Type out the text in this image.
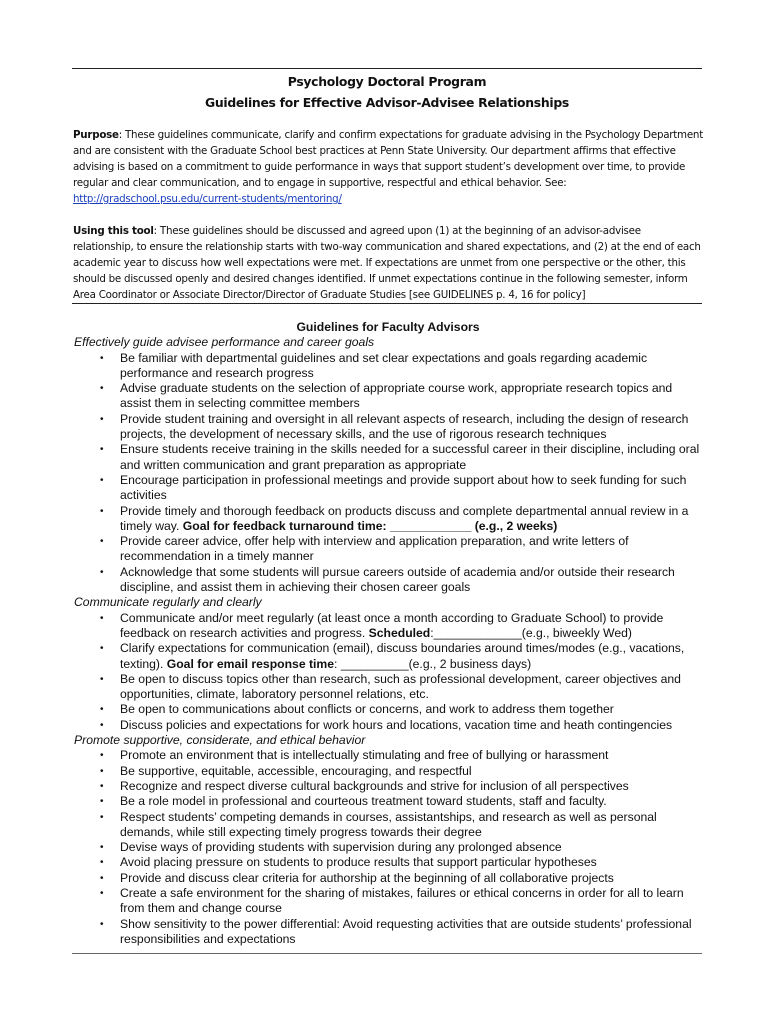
Psychology Doctoral Program
Guidelines for Effective Advisor-Advisee Relationships
Purpose: These guidelines communicate, clarify and confirm expectations for graduate advising in the Psychology Department and are consistent with the Graduate School best practices at Penn State University. Our department affirms that effective advising is based on a commitment to guide performance in ways that support student’s development over time, to provide regular and clear communication, and to engage in supportive, respectful and ethical behavior. See: http://gradschool.psu.edu/current-students/mentoring/
Using this tool: These guidelines should be discussed and agreed upon (1) at the beginning of an advisor-advisee relationship, to ensure the relationship starts with two-way communication and shared expectations, and (2) at the end of each academic year to discuss how well expectations were met. If expectations are unmet from one perspective or the other, this should be discussed openly and desired changes identified. If unmet expectations continue in the following semester, inform Area Coordinator or Associate Director/Director of Graduate Studies [see GUIDELINES p. 4, 16 for policy]
Guidelines for Faculty Advisors
Effectively guide advisee performance and career goals
• Be familiar with departmental guidelines and set clear expectations and goals regarding academic performance and research progress
• Advise graduate students on the selection of appropriate course work, appropriate research topics and assist them in selecting committee members
• Provide student training and oversight in all relevant aspects of research, including the design of research projects, the development of necessary skills, and the use of rigorous research techniques
• Ensure students receive training in the skills needed for a successful career in their discipline, including oral and written communication and grant preparation as appropriate
• Encourage participation in professional meetings and provide support about how to seek funding for such activities
• Provide timely and thorough feedback on products discuss and complete departmental annual review in a timely way. Goal for feedback turnaround time: ____________ (e.g., 2 weeks)
• Provide career advice, offer help with interview and application preparation, and write letters of recommendation in a timely manner
• Acknowledge that some students will pursue careers outside of academia and/or outside their research discipline, and assist them in achieving their chosen career goals
Communicate regularly and clearly
• Communicate and/or meet regularly (at least once a month according to Graduate School) to provide feedback on research activities and progress. Scheduled:_____________(e.g., biweekly Wed)
• Clarify expectations for communication (email), discuss boundaries around times/modes (e.g., vacations, texting). Goal for email response time: __________(e.g., 2 business days)
• Be open to discuss topics other than research, such as professional development, career objectives and opportunities, climate, laboratory personnel relations, etc.
• Be open to communications about conflicts or concerns, and work to address them together
• Discuss policies and expectations for work hours and locations, vacation time and heath contingencies
Promote supportive, considerate, and ethical behavior
• Promote an environment that is intellectually stimulating and free of bullying or harassment
• Be supportive, equitable, accessible, encouraging, and respectful
• Recognize and respect diverse cultural backgrounds and strive for inclusion of all perspectives
• Be a role model in professional and courteous treatment toward students, staff and faculty.
• Respect students’ competing demands in courses, assistantships, and research as well as personal demands, while still expecting timely progress towards their degree
• Devise ways of providing students with supervision during any prolonged absence
• Avoid placing pressure on students to produce results that support particular hypotheses
• Provide and discuss clear criteria for authorship at the beginning of all collaborative projects
• Create a safe environment for the sharing of mistakes, failures or ethical concerns in order for all to learn from them and change course
• Show sensitivity to the power differential: Avoid requesting activities that are outside students’ professional responsibilities and expectations
